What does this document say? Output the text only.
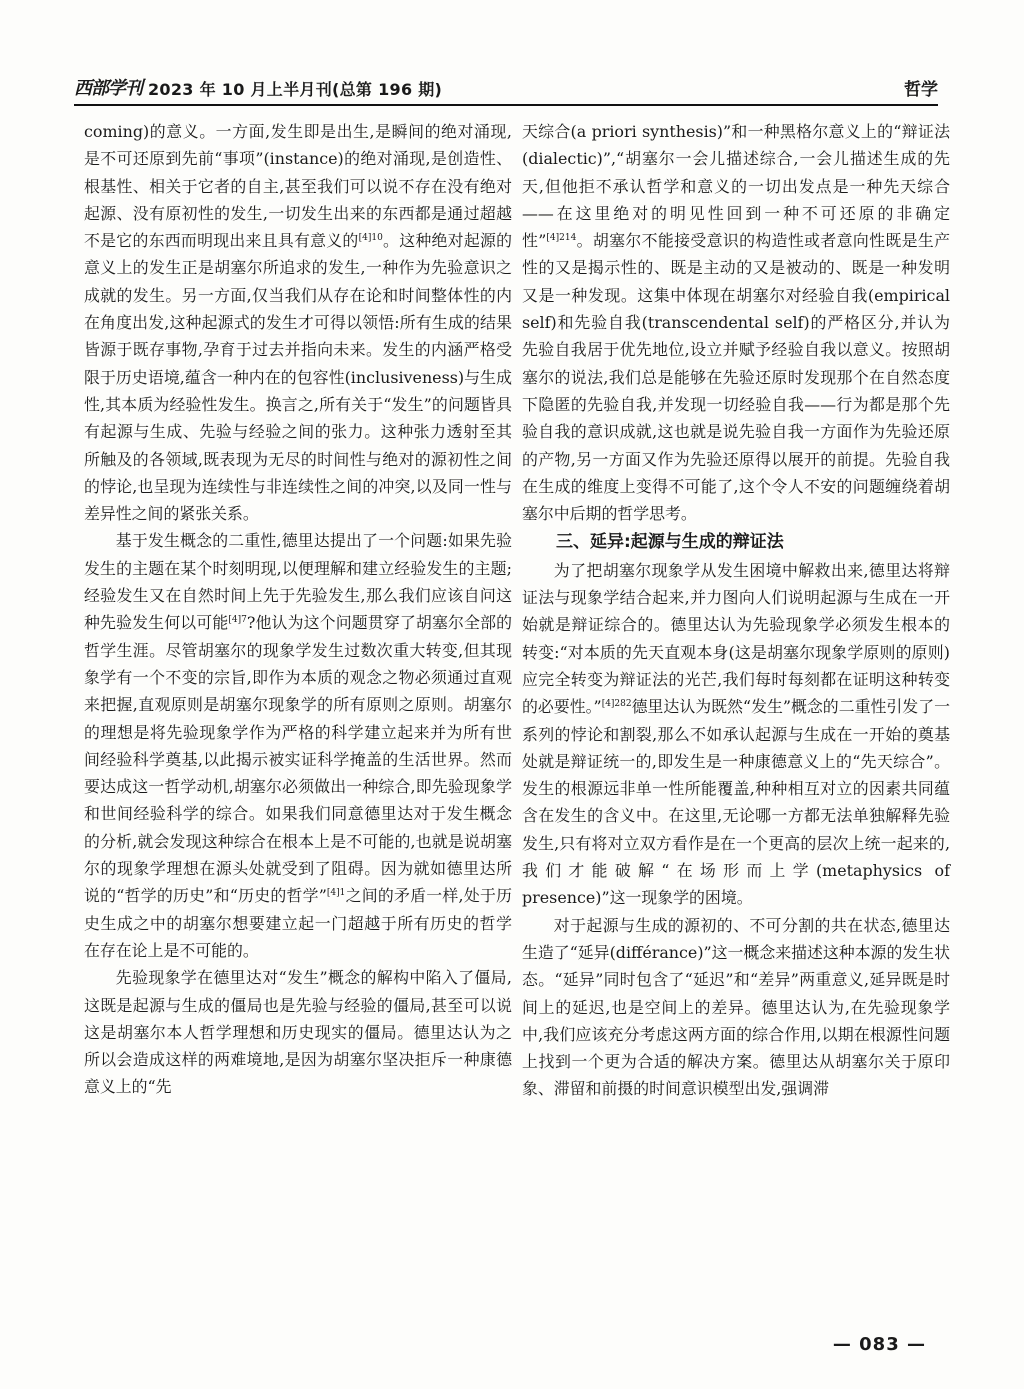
西部学刊 2023 年 10 月上半月刊(总第 196 期)	哲学

coming)的意义。一方面,发生即是出生,是瞬间的绝对涌现,是不可还原到先前“事项”(instance)的绝对涌现,是创造性、根基性、相关于它者的自主,甚至我们可以说不存在没有绝对起源、没有原初性的发生,一切发生出来的东西都是通过超越不是它的东西而明现出来且具有意义的$^{[4]10}$。这种绝对起源的意义上的发生正是胡塞尔所追求的发生,一种作为先验意识之成就的发生。另一方面,仅当我们从存在论和时间整体性的内在角度出发,这种起源式的发生才可得以领悟:所有生成的结果皆源于既存事物,孕育于过去并指向未来。发生的内涵严格受限于历史语境,蕴含一种内在的包容性(inclusiveness)与生成性,其本质为经验性发生。换言之,所有关于“发生”的问题皆具有起源与生成、先验与经验之间的张力。这种张力透射至其所触及的各领域,既表现为无尽的时间性与绝对的源初性之间的悖论,也呈现为连续性与非连续性之间的冲突,以及同一性与差异性之间的紧张关系。

基于发生概念的二重性,德里达提出了一个问题:如果先验发生的主题在某个时刻明现,以便理解和建立经验发生的主题;经验发生又在自然时间上先于先验发生,那么我们应该自问这种先验发生何以可能$^{[4]7}$?他认为这个问题贯穿了胡塞尔全部的哲学生涯。尽管胡塞尔的现象学发生过数次重大转变,但其现象学有一个不变的宗旨,即作为本质的观念之物必须通过直观来把握,直观原则是胡塞尔现象学的所有原则之原则。胡塞尔的理想是将先验现象学作为严格的科学建立起来并为所有世间经验科学奠基,以此揭示被实证科学掩盖的生活世界。然而要达成这一哲学动机,胡塞尔必须做出一种综合,即先验现象学和世间经验科学的综合。如果我们同意德里达对于发生概念的分析,就会发现这种综合在根本上是不可能的,也就是说胡塞尔的现象学理想在源头处就受到了阻碍。因为就如德里达所说的“哲学的历史”和“历史的哲学”$^{[4]1}$之间的矛盾一样,处于历史生成之中的胡塞尔想要建立起一门超越于所有历史的哲学在存在论上是不可能的。

先验现象学在德里达对“发生”概念的解构中陷入了僵局,这既是起源与生成的僵局也是先验与经验的僵局,甚至可以说这是胡塞尔本人哲学理想和历史现实的僵局。德里达认为之所以会造成这样的两难境地,是因为胡塞尔坚决拒斥一种康德意义上的“先

天综合(a priori synthesis)”和一种黑格尔意义上的“辩证法(dialectic)”,“胡塞尔一会儿描述综合,一会儿描述生成的先天,但他拒不承认哲学和意义的一切出发点是一种先天综合——在这里绝对的明见性回到一种不可还原的非确定性”$^{[4]214}$。胡塞尔不能接受意识的构造性或者意向性既是生产性的又是揭示性的、既是主动的又是被动的、既是一种发明又是一种发现。这集中体现在胡塞尔对经验自我(empirical self)和先验自我(transcendental self)的严格区分,并认为先验自我居于优先地位,设立并赋予经验自我以意义。按照胡塞尔的说法,我们总是能够在先验还原时发现那个在自然态度下隐匿的先验自我,并发现一切经验自我——行为都是那个先验自我的意识成就,这也就是说先验自我一方面作为先验还原的产物,另一方面又作为先验还原得以展开的前提。先验自我在生成的维度上变得不可能了,这个令人不安的问题缠绕着胡塞尔中后期的哲学思考。

三、延异:起源与生成的辩证法

为了把胡塞尔现象学从发生困境中解救出来,德里达将辩证法与现象学结合起来,并力图向人们说明起源与生成在一开始就是辩证综合的。德里达认为先验现象学必须发生根本的转变:“对本质的先天直观本身(这是胡塞尔现象学原则的原则)应完全转变为辩证法的光芒,我们每时每刻都在证明这种转变的必要性。”$^{[4]282}$德里达认为既然“发生”概念的二重性引发了一系列的悖论和割裂,那么不如承认起源与生成在一开始的奠基处就是辩证统一的,即发生是一种康德意义上的“先天综合”。发生的根源远非单一性所能覆盖,种种相互对立的因素共同蕴含在发生的含义中。在这里,无论哪一方都无法单独解释先验发生,只有将对立双方看作是在一个更高的层次上统一起来的,我们才能破解“在场形而上学(metaphysics of presence)”这一现象学的困境。

对于起源与生成的源初的、不可分割的共在状态,德里达生造了“延异(différance)”这一概念来描述这种本源的发生状态。“延异”同时包含了“延迟”和“差异”两重意义,延异既是时间上的延迟,也是空间上的差异。德里达认为,在先验现象学中,我们应该充分考虑这两方面的综合作用,以期在根源性问题上找到一个更为合适的解决方案。德里达从胡塞尔关于原印象、滞留和前摄的时间意识模型出发,强调滞

— 083 —
